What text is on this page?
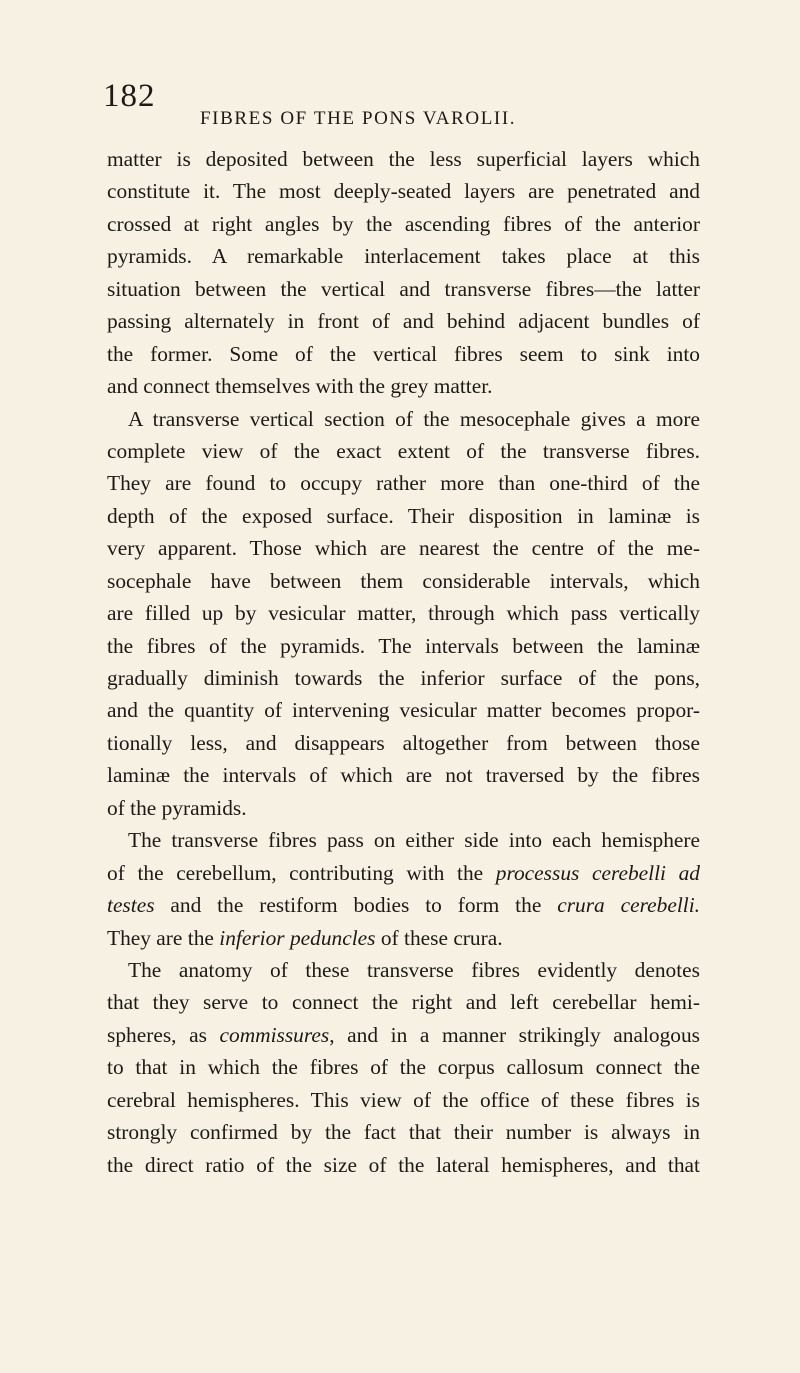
182
FIBRES OF THE PONS VAROLII.
matter is deposited between the less superficial layers which
constitute it. The most deeply-seated layers are penetrated and
crossed at right angles by the ascending fibres of the anterior
pyramids. A remarkable interlacement takes place at this
situation between the vertical and transverse fibres—the latter
passing alternately in front of and behind adjacent bundles of
the former. Some of the vertical fibres seem to sink into
and connect themselves with the grey matter.
A transverse vertical section of the mesocephale gives a more
complete view of the exact extent of the transverse fibres.
They are found to occupy rather more than one-third of the
depth of the exposed surface. Their disposition in laminæ is
very apparent. Those which are nearest the centre of the me-
socephale have between them considerable intervals, which
are filled up by vesicular matter, through which pass vertically
the fibres of the pyramids. The intervals between the laminæ
gradually diminish towards the inferior surface of the pons,
and the quantity of intervening vesicular matter becomes propor-
tionally less, and disappears altogether from between those
laminæ the intervals of which are not traversed by the fibres
of the pyramids.
The transverse fibres pass on either side into each hemisphere
of the cerebellum, contributing with the processus cerebelli ad
testes and the restiform bodies to form the crura cerebelli.
They are the inferior peduncles of these crura.
The anatomy of these transverse fibres evidently denotes
that they serve to connect the right and left cerebellar hemi-
spheres, as commissures, and in a manner strikingly analogous
to that in which the fibres of the corpus callosum connect the
cerebral hemispheres. This view of the office of these fibres is
strongly confirmed by the fact that their number is always in
the direct ratio of the size of the lateral hemispheres, and that
